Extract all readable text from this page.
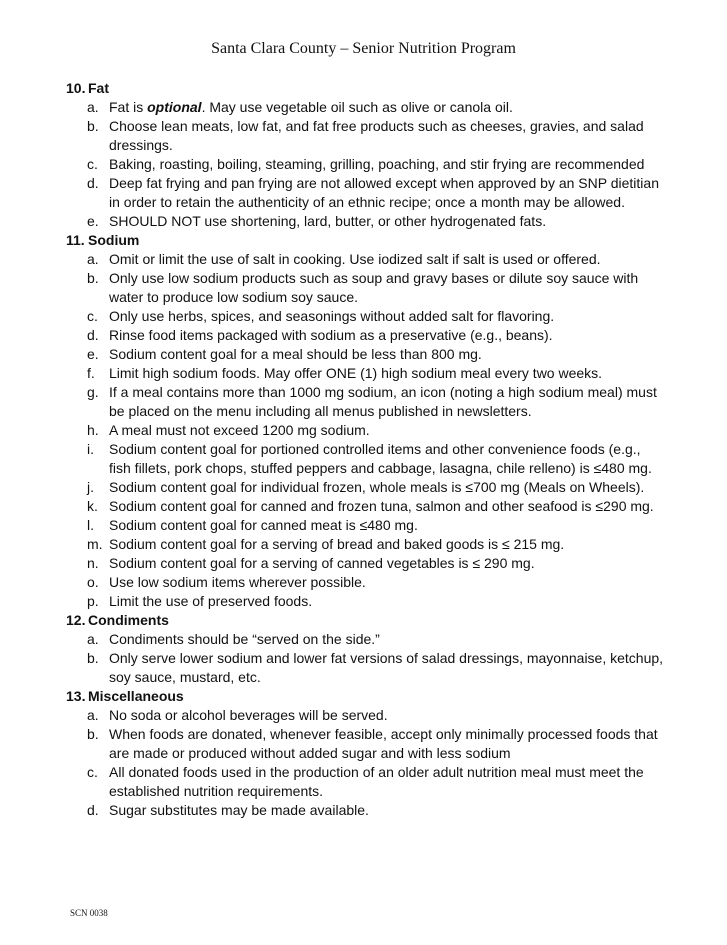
Santa Clara County – Senior Nutrition Program
10. Fat
a. Fat is optional. May use vegetable oil such as olive or canola oil.
b. Choose lean meats, low fat, and fat free products such as cheeses, gravies, and salad dressings.
c. Baking, roasting, boiling, steaming, grilling, poaching, and stir frying are recommended
d. Deep fat frying and pan frying are not allowed except when approved by an SNP dietitian in order to retain the authenticity of an ethnic recipe; once a month may be allowed.
e. SHOULD NOT use shortening, lard, butter, or other hydrogenated fats.
11. Sodium
a. Omit or limit the use of salt in cooking. Use iodized salt if salt is used or offered.
b. Only use low sodium products such as soup and gravy bases or dilute soy sauce with water to produce low sodium soy sauce.
c. Only use herbs, spices, and seasonings without added salt for flavoring.
d. Rinse food items packaged with sodium as a preservative (e.g., beans).
e. Sodium content goal for a meal should be less than 800 mg.
f. Limit high sodium foods. May offer ONE (1) high sodium meal every two weeks.
g. If a meal contains more than 1000 mg sodium, an icon (noting a high sodium meal) must be placed on the menu including all menus published in newsletters.
h. A meal must not exceed 1200 mg sodium.
i. Sodium content goal for portioned controlled items and other convenience foods (e.g., fish fillets, pork chops, stuffed peppers and cabbage, lasagna, chile relleno) is ≤480 mg.
j. Sodium content goal for individual frozen, whole meals is ≤700 mg (Meals on Wheels).
k. Sodium content goal for canned and frozen tuna, salmon and other seafood is ≤290 mg.
l. Sodium content goal for canned meat is ≤480 mg.
m. Sodium content goal for a serving of bread and baked goods is ≤ 215 mg.
n. Sodium content goal for a serving of canned vegetables is ≤ 290 mg.
o. Use low sodium items wherever possible.
p. Limit the use of preserved foods.
12. Condiments
a. Condiments should be “served on the side.”
b. Only serve lower sodium and lower fat versions of salad dressings, mayonnaise, ketchup, soy sauce, mustard, etc.
13. Miscellaneous
a. No soda or alcohol beverages will be served.
b. When foods are donated, whenever feasible, accept only minimally processed foods that are made or produced without added sugar and with less sodium
c. All donated foods used in the production of an older adult nutrition meal must meet the established nutrition requirements.
d. Sugar substitutes may be made available.
SCN 0038
